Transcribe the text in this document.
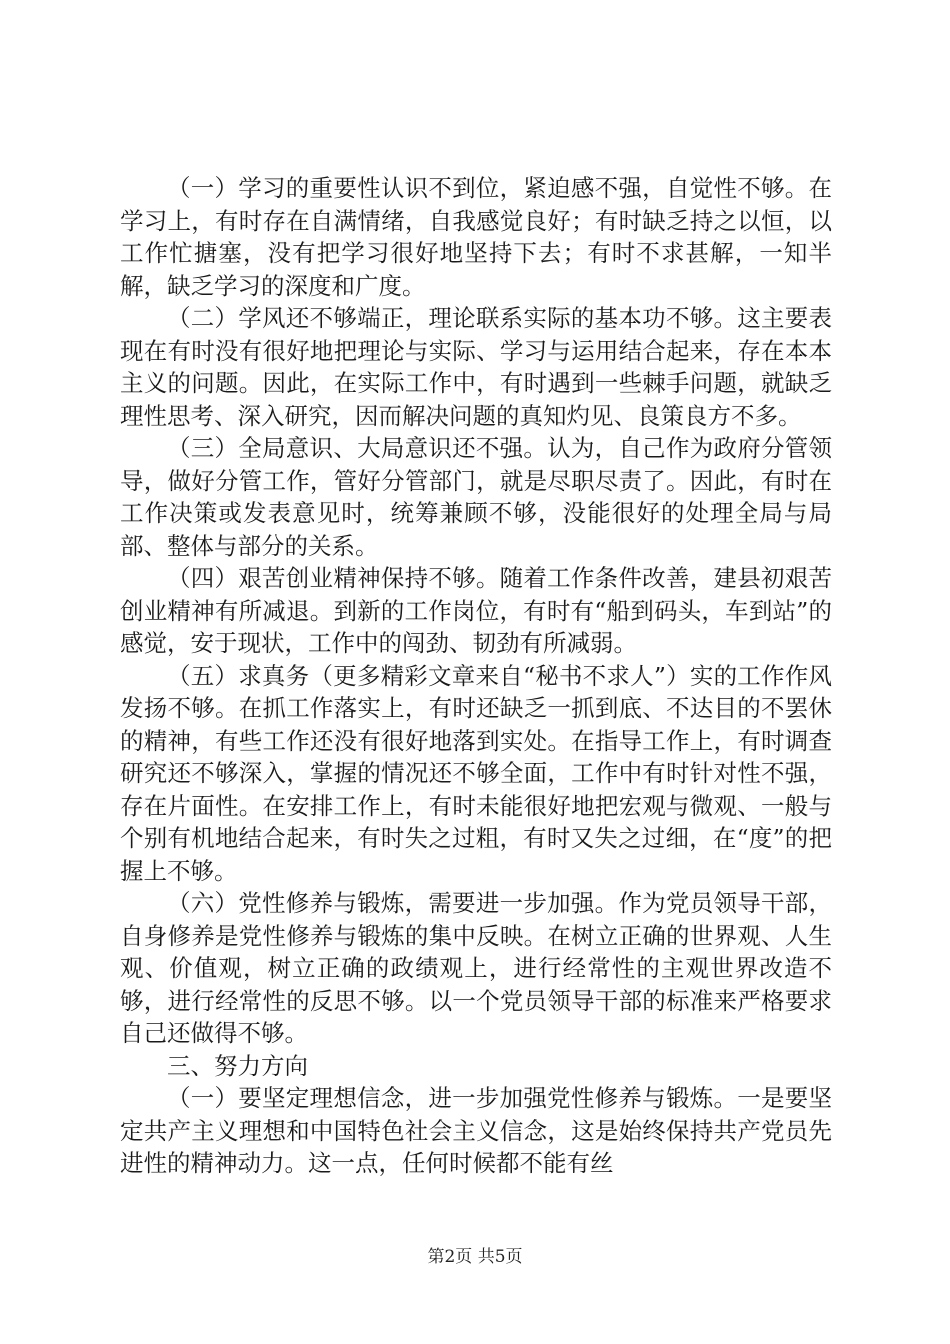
（一）学习的重要性认识不到位，紧迫感不强，自觉性不够。在学习上，有时存在自满情绪，自我感觉良好；有时缺乏持之以恒，以工作忙搪塞，没有把学习很好地坚持下去；有时不求甚解，一知半解，缺乏学习的深度和广度。

（二）学风还不够端正，理论联系实际的基本功不够。这主要表现在有时没有很好地把理论与实际、学习与运用结合起来，存在本本主义的问题。因此，在实际工作中，有时遇到一些棘手问题，就缺乏理性思考、深入研究，因而解决问题的真知灼见、良策良方不多。

（三）全局意识、大局意识还不强。认为，自己作为政府分管领导，做好分管工作，管好分管部门，就是尽职尽责了。因此，有时在工作决策或发表意见时，统筹兼顾不够，没能很好的处理全局与局部、整体与部分的关系。

（四）艰苦创业精神保持不够。随着工作条件改善，建县初艰苦创业精神有所减退。到新的工作岗位，有时有“船到码头，车到站”的感觉，安于现状，工作中的闯劲、韧劲有所减弱。

（五）求真务（更多精彩文章来自“秘书不求人”）实的工作作风发扬不够。在抓工作落实上，有时还缺乏一抓到底、不达目的不罢休的精神，有些工作还没有很好地落到实处。在指导工作上，有时调查研究还不够深入，掌握的情况还不够全面，工作中有时针对性不强，存在片面性。在安排工作上，有时未能很好地把宏观与微观、一般与个别有机地结合起来，有时失之过粗，有时又失之过细，在“度”的把握上不够。

（六）党性修养与锻炼，需要进一步加强。作为党员领导干部，自身修养是党性修养与锻炼的集中反映。在树立正确的世界观、人生观、价值观，树立正确的政绩观上，进行经常性的主观世界改造不够，进行经常性的反思不够。以一个党员领导干部的标准来严格要求自己还做得不够。

三、努力方向

（一）要坚定理想信念，进一步加强党性修养与锻炼。一是要坚定共产主义理想和中国特色社会主义信念，这是始终保持共产党员先进性的精神动力。这一点，任何时候都不能有丝

第2页 共5页
